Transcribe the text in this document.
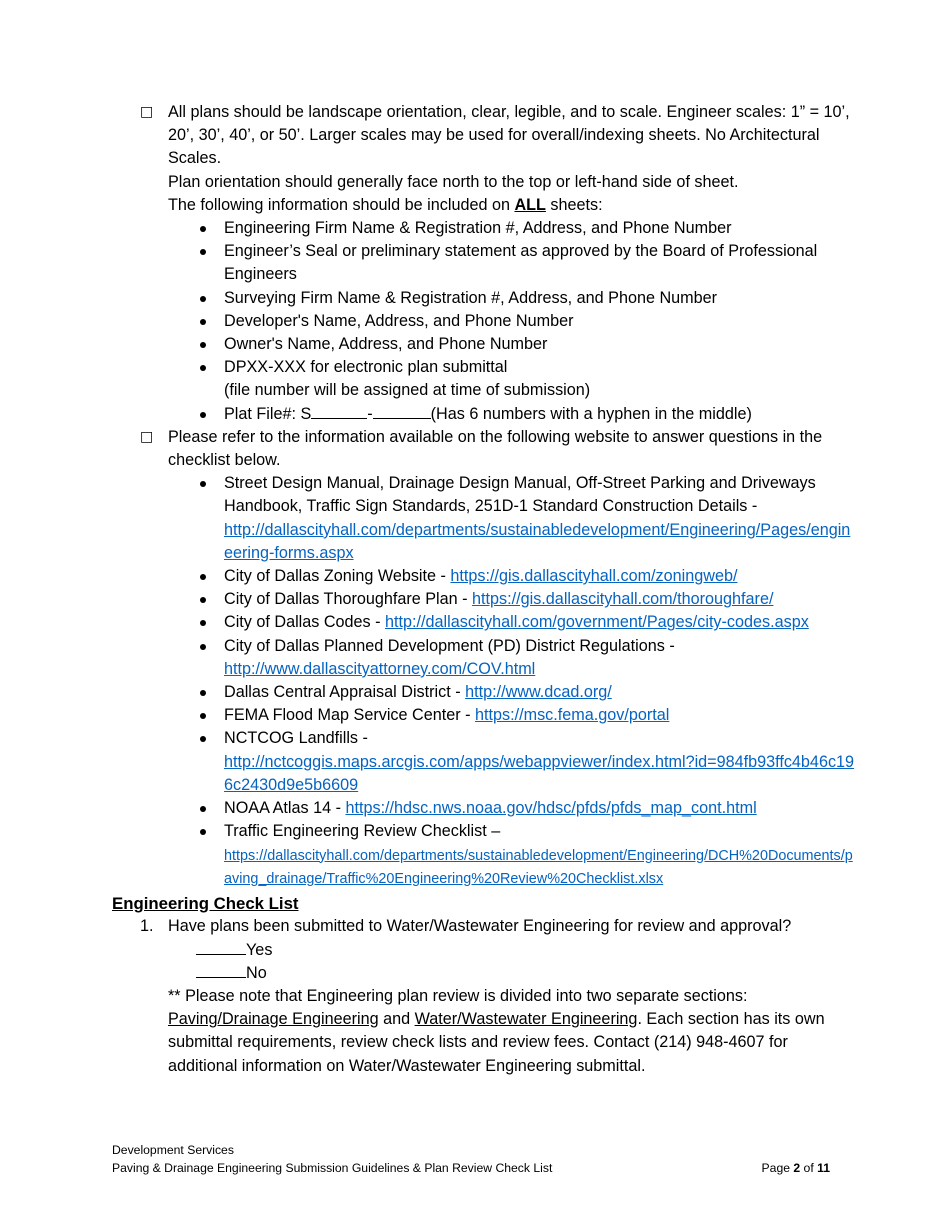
□ All plans should be landscape orientation, clear, legible, and to scale. Engineer scales: 1” = 10’, 20’, 30’, 40’, or 50’. Larger scales may be used for overall/indexing sheets. No Architectural Scales.
Plan orientation should generally face north to the top or left-hand side of sheet.
The following information should be included on ALL sheets:
Engineering Firm Name & Registration #, Address, and Phone Number
Engineer’s Seal or preliminary statement as approved by the Board of Professional Engineers
Surveying Firm Name & Registration #, Address, and Phone Number
Developer's Name, Address, and Phone Number
Owner's Name, Address, and Phone Number
DPXX-XXX for electronic plan submittal
(file number will be assigned at time of submission)
Plat File#: S	-	(Has 6 numbers with a hyphen in the middle)
□ Please refer to the information available on the following website to answer questions in the checklist below.
Street Design Manual, Drainage Design Manual, Off-Street Parking and Driveways Handbook, Traffic Sign Standards, 251D-1 Standard Construction Details -
http://dallascityhall.com/departments/sustainabledevelopment/Engineering/Pages/engineering-forms.aspx
City of Dallas Zoning Website - https://gis.dallascityhall.com/zoningweb/
City of Dallas Thoroughfare Plan - https://gis.dallascityhall.com/thoroughfare/
City of Dallas Codes - http://dallascityhall.com/government/Pages/city-codes.aspx
City of Dallas Planned Development (PD) District Regulations -
http://www.dallascityattorney.com/COV.html
Dallas Central Appraisal District - http://www.dcad.org/
FEMA Flood Map Service Center - https://msc.fema.gov/portal
NCTCOG Landfills -
http://nctcoggis.maps.arcgis.com/apps/webappviewer/index.html?id=984fb93ffc4b46c196c2430d9e5b6609
NOAA Atlas 14 - https://hdsc.nws.noaa.gov/hdsc/pfds/pfds_map_cont.html
Traffic Engineering Review Checklist –
https://dallascityhall.com/departments/sustainabledevelopment/Engineering/DCH%20Documents/paving_drainage/Traffic%20Engineering%20Review%20Checklist.xlsx
Engineering Check List
1. Have plans been submitted to Water/Wastewater Engineering for review and approval?
Yes
No
** Please note that Engineering plan review is divided into two separate sections: Paving/Drainage Engineering and Water/Wastewater Engineering. Each section has its own submittal requirements, review check lists and review fees. Contact (214) 948-4607 for additional information on Water/Wastewater Engineering submittal.
Development Services
Paving & Drainage Engineering Submission Guidelines & Plan Review Check List	Page 2 of 11
